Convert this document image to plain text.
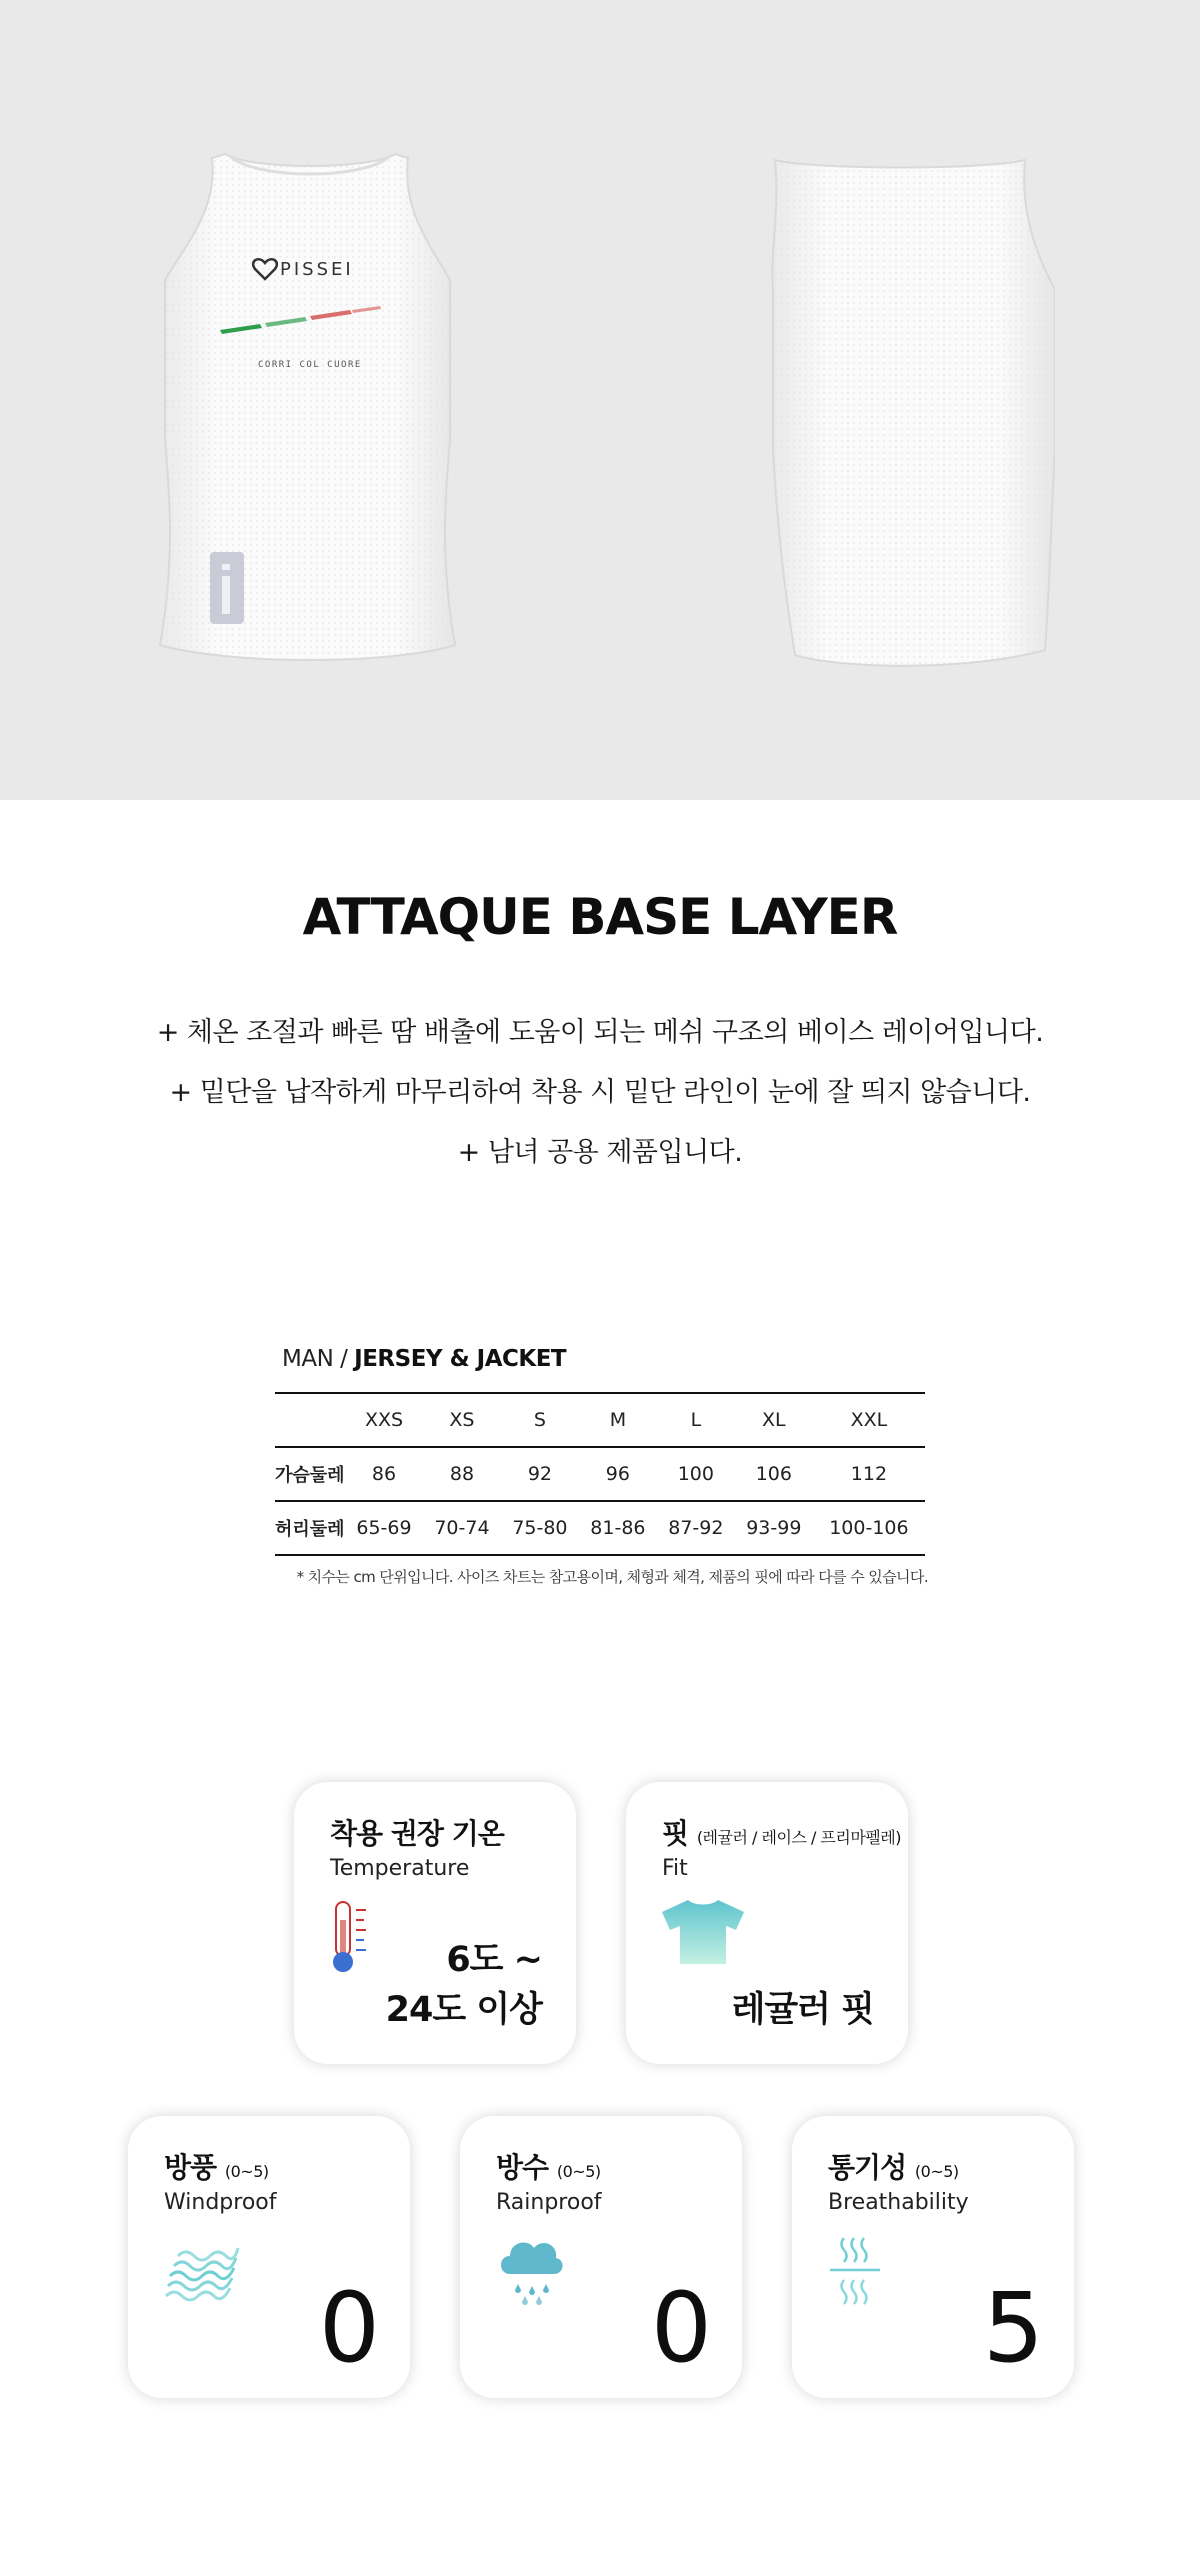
PISSEI
CORRI COL CUORE
ATTAQUE BASE LAYER

+ 체온 조절과 빠른 땀 배출에 도움이 되는 메쉬 구조의 베이스 레이어입니다.

+ 밑단을 납작하게 마무리하여 착용 시 밑단 라인이 눈에 잘 띄지 않습니다.

+ 남녀 공용 제품입니다.

MAN / JERSEY & JACKET
	XXS	XS	S	M	L	XL	XXL
가슴둘레	86	88	92	96	100	106	112
허리둘레	65-69	70-74	75-80	81-86	87-92	93-99	100-106

* 치수는 cm 단위입니다. 사이즈 차트는 참고용이며, 체형과 체격, 제품의 핏에 따라 다를 수 있습니다.

착용 권장 기온
Temperature
6도 ~
24도 이상
핏 (레귤러 / 레이스 / 프리마펠레)
Fit
레귤러 핏
방풍 (0~5)
Windproof
0
방수 (0~5)
Rainproof
0
통기성 (0~5)
Breathability
5
